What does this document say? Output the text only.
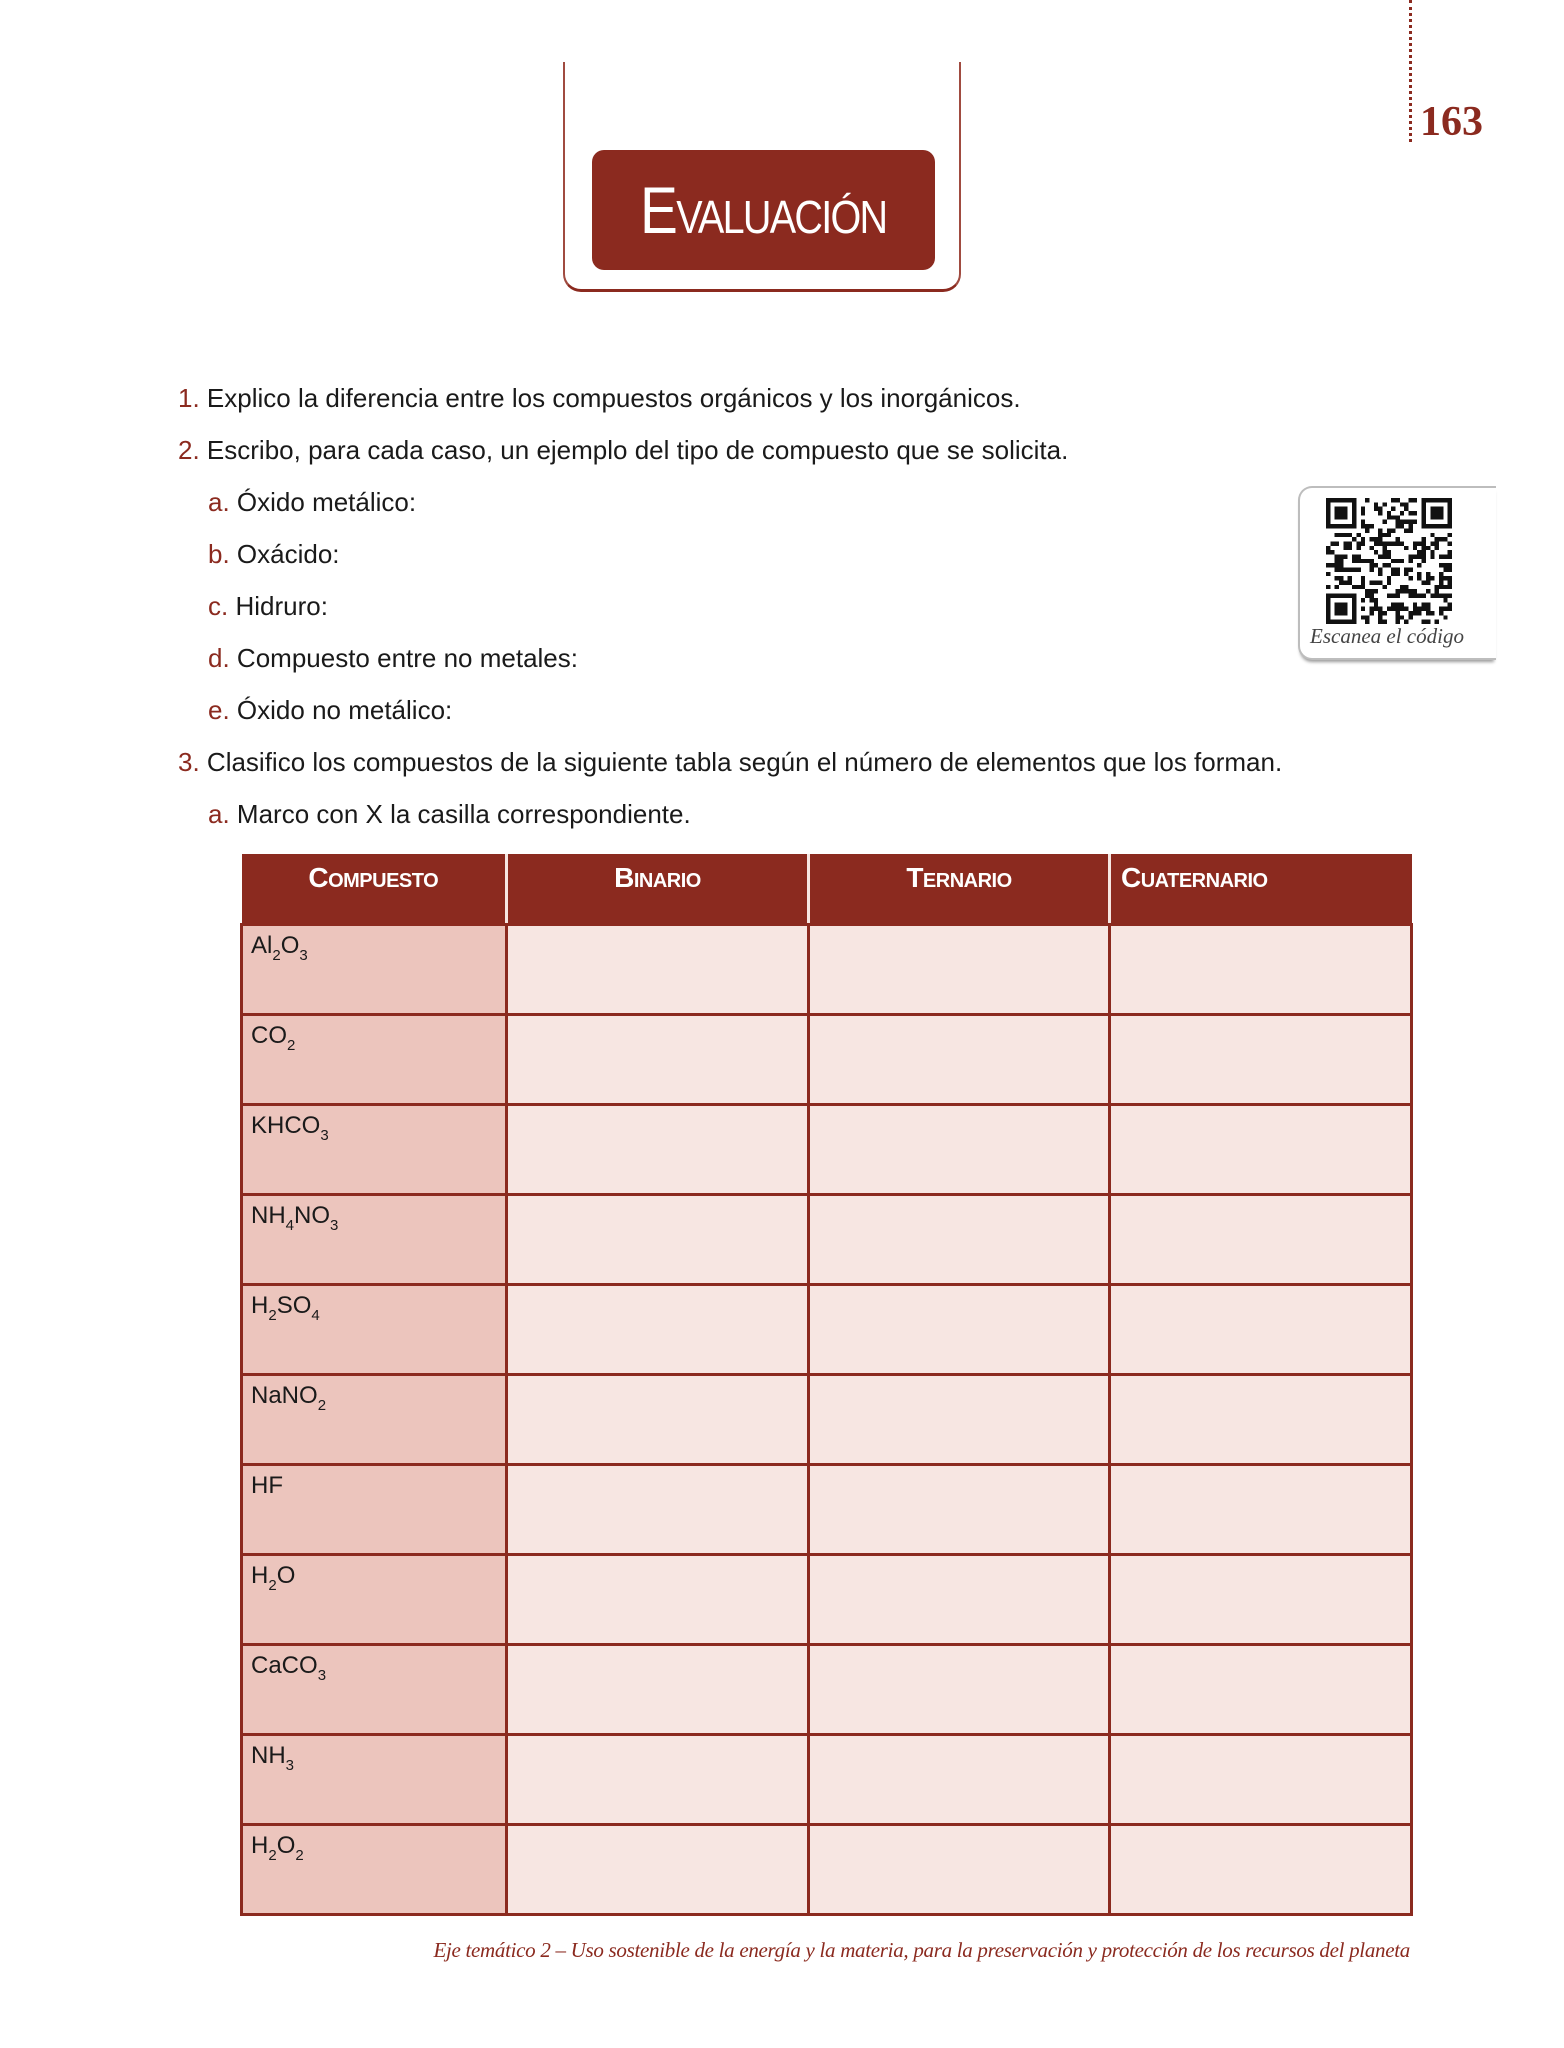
163
Evaluación
Escanea el código
1. Explico la diferencia entre los compuestos orgánicos y los inorgánicos.
2. Escribo, para cada caso, un ejemplo del tipo de compuesto que se solicita.
a. Óxido metálico:
b. Oxácido:
c. Hidruro:
d. Compuesto entre no metales:
e. Óxido no metálico:
3. Clasifico los compuestos de la siguiente tabla según el número de elementos que los forman.
a. Marco con X la casilla correspondiente.
Compuesto	Binario	Ternario	Cuaternario
$Al_2O_3$			
$CO_2$			
$KHCO_3$			
$NH_4NO_3$			
$H_2SO_4$			
NaNO$_2$			
HF			
$H_2O$			
CaCO$_3$			
$NH_3$			
$H_2O_2$			
Eje temático 2 – Uso sostenible de la energía y la materia, para la preservación y protección de los recursos del planeta
